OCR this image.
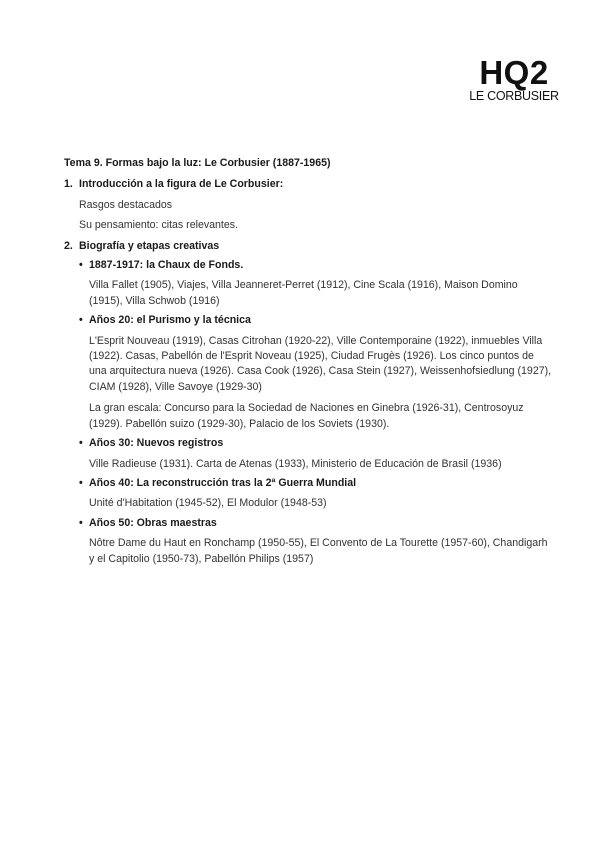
HQ2
LE CORBUSIER
Tema 9. Formas bajo la luz: Le Corbusier (1887-1965)
1. Introducción a la figura de Le Corbusier:
Rasgos destacados
Su pensamiento: citas relevantes.
2. Biografía y etapas creativas
• 1887-1917: la Chaux de Fonds.
Villa Fallet (1905), Viajes, Villa Jeanneret-Perret (1912), Cine Scala (1916), Maison Domino (1915), Villa Schwob (1916)
• Años 20: el Purismo y la técnica
L'Esprit Nouveau (1919), Casas Citrohan (1920-22), Ville Contemporaine (1922), inmuebles Villa (1922). Casas, Pabellón de l'Esprit Noveau (1925), Ciudad Frugès (1926). Los cinco puntos de una arquitectura nueva (1926). Casa Cook (1926), Casa Stein (1927), Weissenhofsiedlung (1927), CIAM (1928), Ville Savoye (1929-30)
La gran escala: Concurso para la Sociedad de Naciones en Ginebra (1926-31), Centrosoyuz (1929). Pabellón suizo (1929-30), Palacio de los Soviets (1930).
• Años 30: Nuevos registros
Ville Radieuse (1931). Carta de Atenas (1933), Ministerio de Educación de Brasil (1936)
• Años 40: La reconstrucción tras la 2ª Guerra Mundial
Unité d'Habitation (1945-52), El Modulor (1948-53)
• Años 50: Obras maestras
Nôtre Dame du Haut en Ronchamp (1950-55), El Convento de La Tourette (1957-60), Chandigarh y el Capitolio (1950-73), Pabellón Philips (1957)
